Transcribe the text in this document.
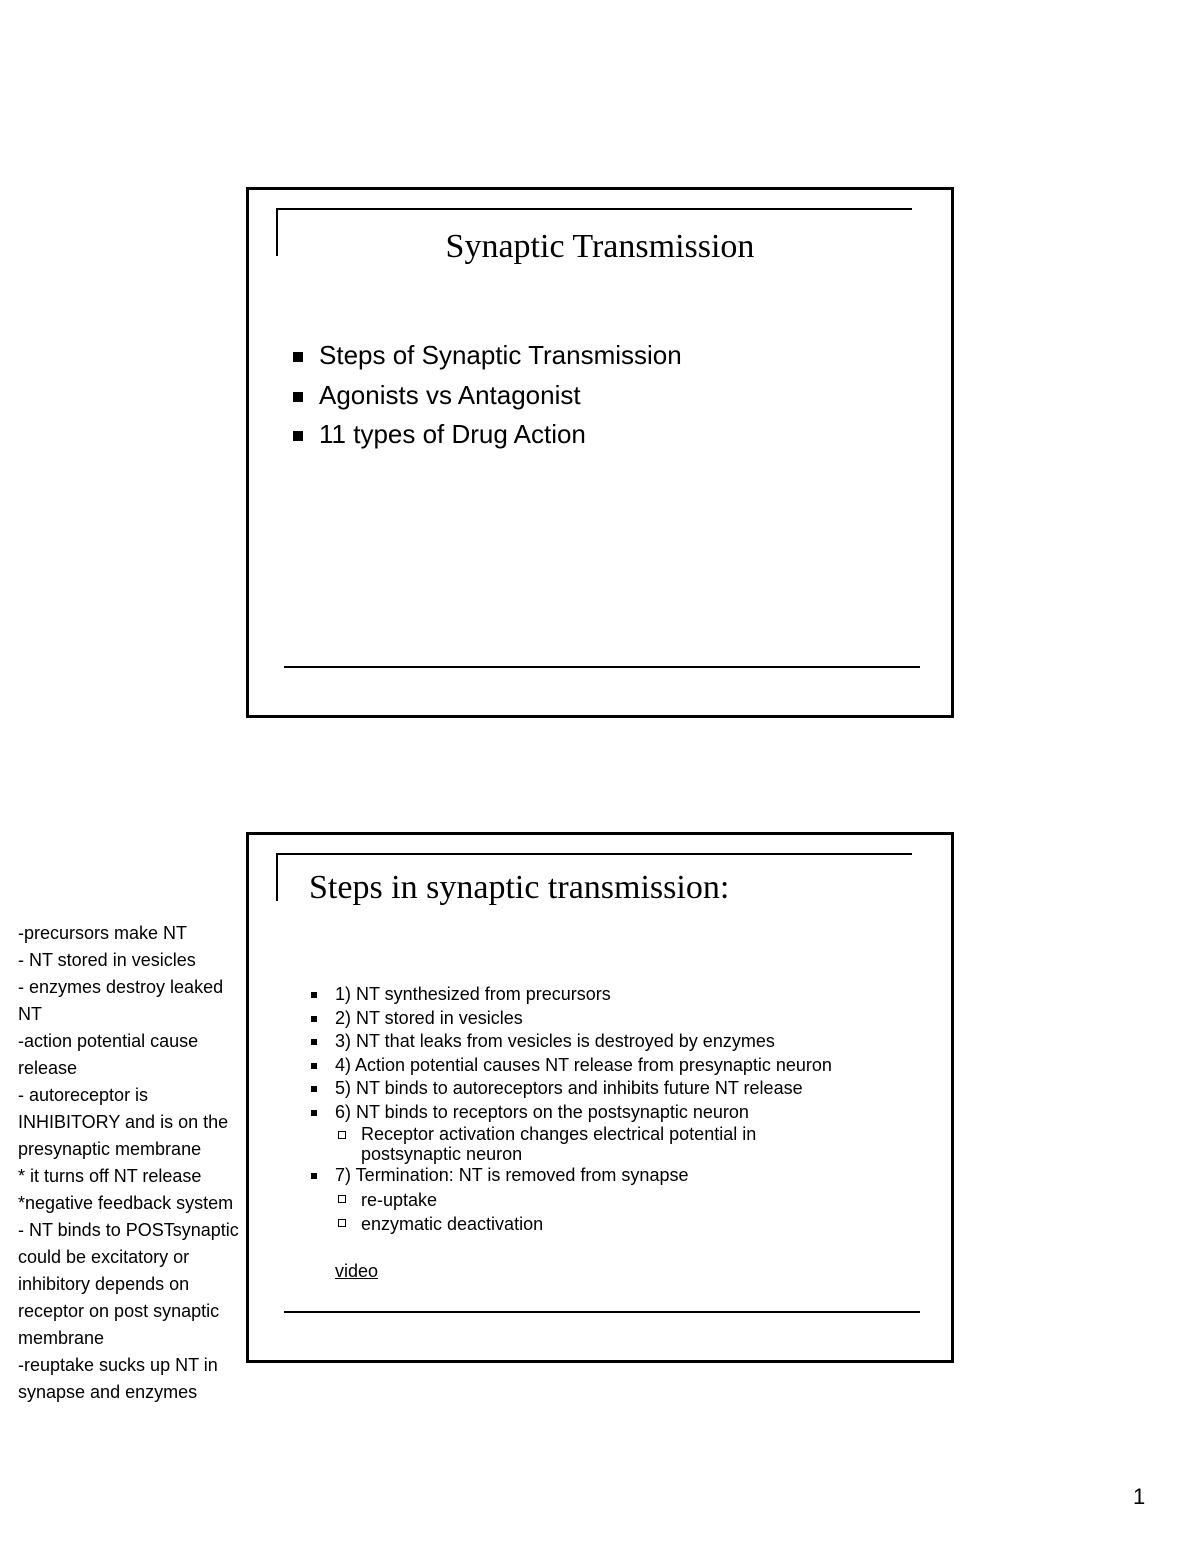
Synaptic Transmission
Steps of Synaptic Transmission
Agonists vs Antagonist
11 types of Drug Action
Steps in synaptic transmission:
1) NT synthesized from precursors
2) NT stored in vesicles
3) NT that leaks from vesicles is destroyed by enzymes
4) Action potential causes NT release from presynaptic neuron
5) NT binds to autoreceptors and inhibits future NT release
6) NT binds to receptors on the postsynaptic neuron
Receptor activation changes electrical potential in
postsynaptic neuron
7) Termination: NT is removed from synapse
re-uptake
enzymatic deactivation
video
-precursors make NT
- NT stored in vesicles
- enzymes destroy leaked
NT
-action potential cause
release
- autoreceptor is
INHIBITORY and is on the
presynaptic membrane
* it turns off NT release
*negative feedback system
- NT binds to POSTsynaptic
could be excitatory or
inhibitory depends on
receptor on post synaptic
membrane
-reuptake sucks up NT in
synapse and enzymes
1
